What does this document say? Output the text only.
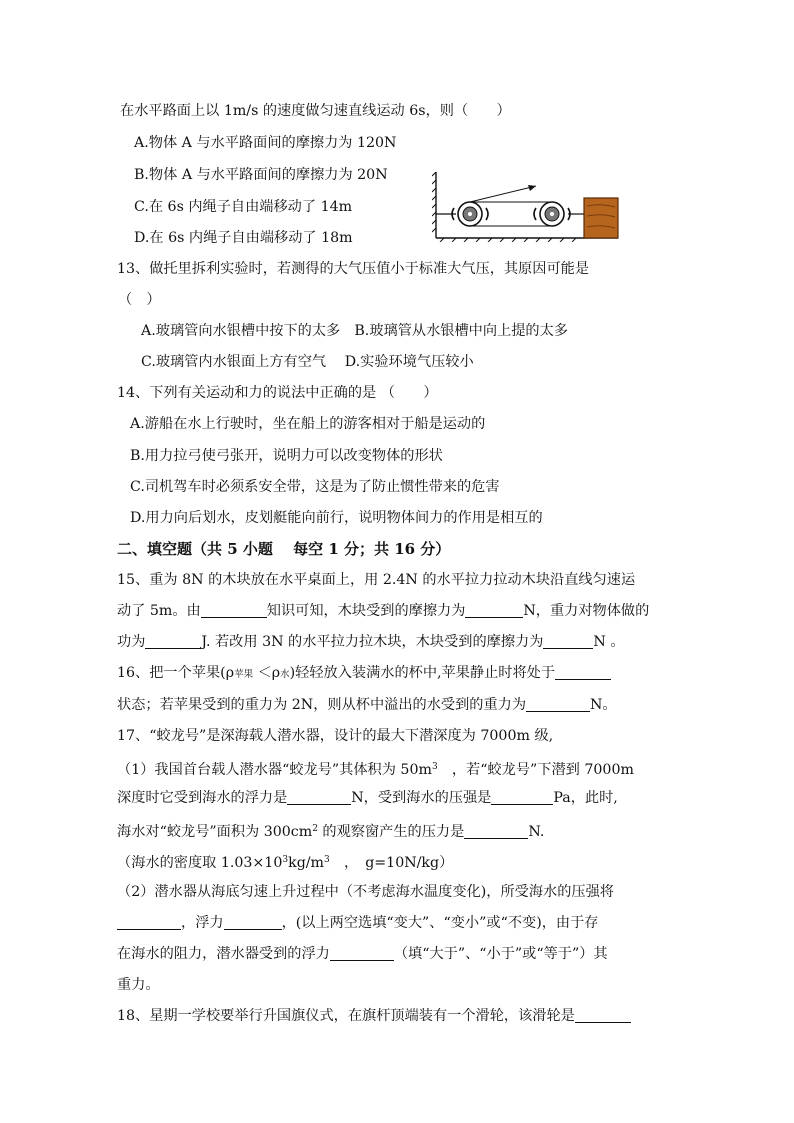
在水平路面上以 1m/s 的速度做匀速直线运动 6s，则（　　）
A.物体 A 与水平路面间的摩擦力为 120N
B.物体 A 与水平路面间的摩擦力为 20N
C.在 6s 内绳子自由端移动了 14m
D.在 6s 内绳子自由端移动了 18m
13、做托里拆利实验时，若测得的大气压值小于标准大气压，其原因可能是
（　）
A.玻璃管向水银槽中按下的太多　B.玻璃管从水银槽中向上提的太多
C.玻璃管内水银面上方有空气　 D.实验环境气压较小
14、下列有关运动和力的说法中正确的是 （　　）
A.游船在水上行驶时，坐在船上的游客相对于船是运动的
B.用力拉弓使弓张开，说明力可以改变物体的形状
C.司机驾车时必须系安全带，这是为了防止惯性带来的危害
D.用力向后划水，皮划艇能向前行，说明物体间力的作用是相互的
二、填空题（共 5 小题　 每空 1 分；共 16 分）
15、重为 8N 的木块放在水平桌面上，用 2.4N 的水平拉力拉动木块沿直线匀速运
动了 5m。由	知识可知，木块受到的摩擦力为	N，重力对物体做的
功为	J. 若改用 3N 的水平拉力拉木块，木块受到的摩擦力为	N 。
16、把一个苹果(ρ苹果 ＜ρ水)轻轻放入装满水的杯中,苹果静止时将处于
状态；若苹果受到的重力为 2N，则从杯中溢出的水受到的重力为	N。
17、“蛟龙号”是深海载人潜水器，设计的最大下潜深度为 7000m 级,
（1）我国首台载人潜水器“蛟龙号”其体积为 $50m^3$　，若“蛟龙号”下潜到 7000m
深度时它受到海水的浮力是	N，受到海水的压强是	Pa，此时,
海水对“蛟龙号”面积为 $300cm^2$ 的观察窗产生的压力是	N.
（海水的密度取 $1.03\times 10^3kg/m^3$　，　g=10N/kg）
（2）潜水器从海底匀速上升过程中（不考虑海水温度变化)，所受海水的压强将
，浮力	，(以上两空选填“变大”、“变小”或“不变)，由于存
在海水的阻力，潜水器受到的浮力	（填“大于”、“小于”或“等于”）其
重力。
18、星期一学校要举行升国旗仪式，在旗杆顶端装有一个滑轮，该滑轮是
